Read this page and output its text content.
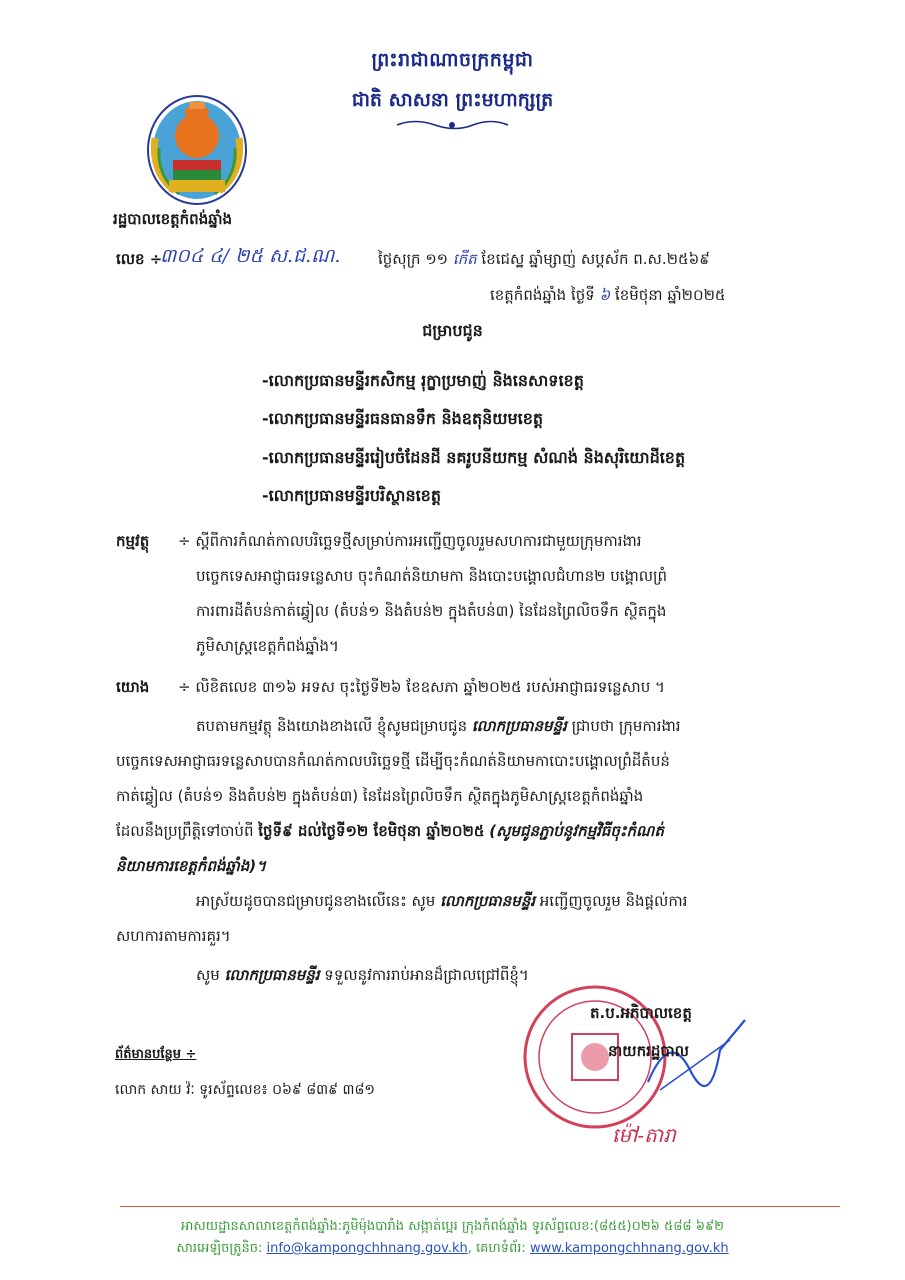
ព្រះរាជាណាចក្រកម្ពុជា
ជាតិ សាសនា ព្រះមហាក្សត្រ
រដ្ឋបាលខេត្តកំពង់ឆ្នាំង
លេខ ÷
៣០៤ ៤/ ២៥ ស.ជ.ណ.	ថ្ងៃសុក្រ ១១ កើត ខែជេស្ឋ ឆ្នាំម្សាញ់ សប្តស័ក ព.ស.២៥៦៩
ខេត្តកំពង់ឆ្នាំង ថ្ងៃទី ៦ ខែមិថុនា ឆ្នាំ២០២៥
ជម្រាបជូន
-លោកប្រធានមន្ទីរកសិកម្ម រុក្ខាប្រមាញ់ និងនេសាទខេត្ត
-លោកប្រធានមន្ទីរធនធានទឹក និងឧតុនិយមខេត្ត
-លោកប្រធានមន្ទីររៀបចំដែនដី នគរូបនីយកម្ម សំណង់ និងសុរិយោដីខេត្ត
-លោកប្រធានមន្ទីរបរិស្ថានខេត្ត
កម្មវត្ថុ ÷ ស្តីពីការកំណត់កាលបរិច្ឆេទថ្មីសម្រាប់ការអញ្ជើញចូលរួមសហការជាមួយក្រុមការងារ
បច្ចេកទេសអាជ្ញាធរទន្លេសាប ចុះកំណត់និយាមកា និងបោះបង្គោលជំហាន២ បង្គោលព្រំ
ការពារដីតំបន់កាត់ឆ្វៀល (តំបន់១ និងតំបន់២ ក្នុងតំបន់៣) នៃដែនព្រៃលិចទឹក ស្ថិតក្នុង
ភូមិសាស្ត្រខេត្តកំពង់ឆ្នាំង។
យោង ÷ លិខិតលេខ ៣១៦ អទស ចុះថ្ងៃទី២៦ ខែឧសភា ឆ្នាំ២០២៥ របស់អាជ្ញាធរទន្លេសាប ។
តបតាមកម្មវត្ថុ និងយោងខាងលើ ខ្ញុំសូមជម្រាបជូន លោកប្រធានមន្ទីរ ជ្រាបថា ក្រុមការងារ
បច្ចេកទេសអាជ្ញាធរទន្លេសាបបានកំណត់កាលបរិច្ឆេទថ្មី ដើម្បីចុះកំណត់និយាមកាបោះបង្គោលព្រំដីតំបន់
កាត់ឆ្វៀល (តំបន់១ និងតំបន់២ ក្នុងតំបន់៣) នៃដែនព្រៃលិចទឹក ស្ថិតក្នុងភូមិសាស្ត្រខេត្តកំពង់ឆ្នាំង
ដែលនឹងប្រព្រឹត្តិទៅចាប់ពី ថ្ងៃទី៩ ដល់ថ្ងៃទី១២ ខែមិថុនា ឆ្នាំ២០២៥ (សូមជូនភ្ជាប់នូវកម្មវិធីចុះកំណត់
និយាមការខេត្តកំពង់ឆ្នាំង)។
អាស្រ័យដូចបានជម្រាបជូនខាងលើនេះ សូម លោកប្រធានមន្ទីរ អញ្ជើញចូលរួម និងផ្តល់ការ
សហការតាមការគួរ។
សូម លោកប្រធានមន្ទីរ ទទួលនូវការរាប់អានដ៏ជ្រាលជ្រៅពីខ្ញុំ។
ត.ប.អភិបាលខេត្ត
នាយករដ្ឋបាល
ម៉ៅ-តារា
ព័ត៌មានបន្ថែម ÷
លោក សាយ វ៉ៈ ទូរស័ព្ទលេខ៖ ០៦៩ ៨៣៩ ៣៨១
អាសយដ្ឋានសាលាខេត្តកំពង់ឆ្នាំង:ភូមិម៉ុងបារាំង សង្កាត់ប្អេរ ក្រុងកំពង់ឆ្នាំង ទូរស័ព្ទលេខ:(៨៥៥)០២៦ ៥៨៨ ៦៩២
សារអេឡិចត្រូនិច: info@kampongchhnang.gov.kh, គេហទំព័រ: www.kampongchhnang.gov.kh
